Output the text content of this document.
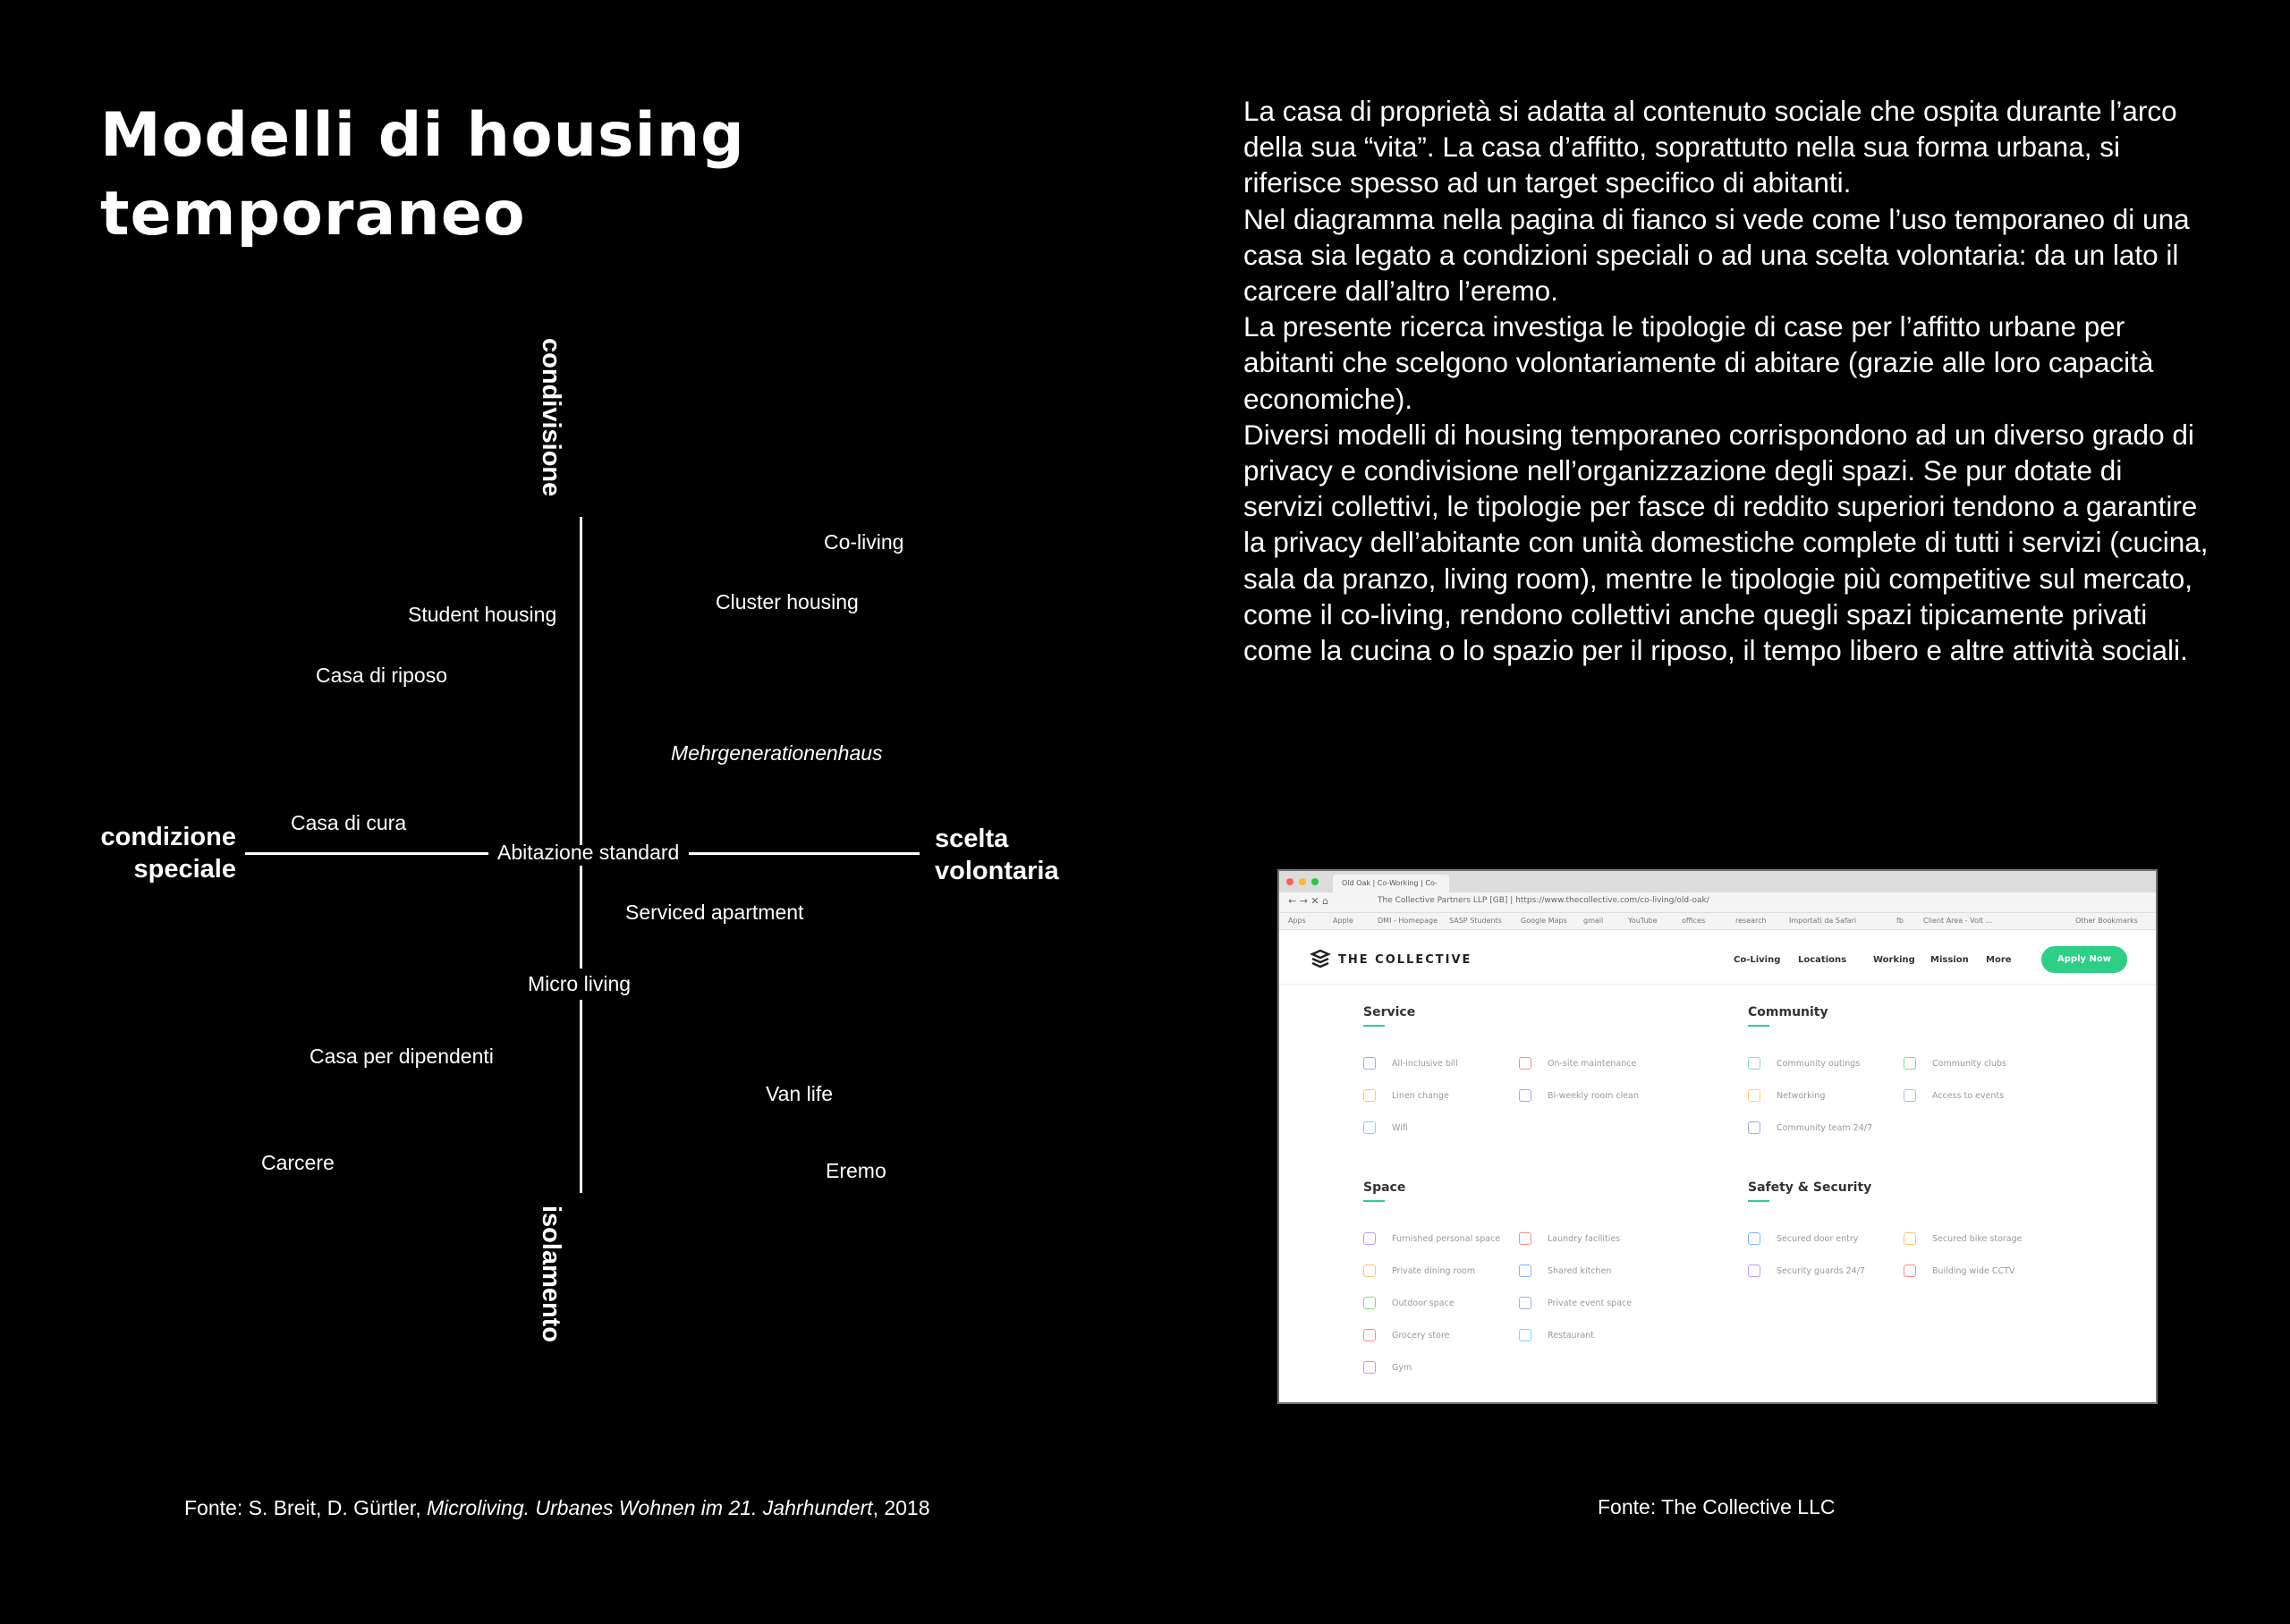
Modelli di housing temporaneo
La casa di proprietà si adatta al contenuto sociale che ospita durante l’arco della sua “vita”. La casa d’affitto, soprattutto nella sua forma urbana, si riferisce spesso ad un target specifico di abitanti.
Nel diagramma nella pagina di fianco si vede come l’uso temporaneo di una casa sia legato a condizioni speciali o ad una scelta volontaria: da un lato il carcere dall’altro l’eremo.
La presente ricerca investiga le tipologie di case per l’affitto urbane per abitanti che scelgono volontariamente di abitare (grazie alle loro capacità economiche).
Diversi modelli di housing temporaneo corrispondono ad un diverso grado di privacy e condivisione nell’organizzazione degli spazi. Se pur dotate di servizi collettivi, le tipologie per fasce di reddito superiori tendono a garantire la privacy dell’abitante con unità domestiche complete di tutti i servizi (cucina, sala da pranzo, living room), mentre le tipologie più competitive sul mercato, come il co-living, rendono collettivi anche quegli spazi tipicamente privati come la cucina o lo spazio per il riposo, il tempo libero e altre attività sociali.
condivisione
isolamento
condizione
speciale
scelta
volontaria
Abitazione standard
Co-living
Cluster housing
Student housing
Casa di riposo
Mehrgenerationenhaus
Casa di cura
Serviced apartment
Micro living
Casa per dipendenti
Van life
Carcere	Eremo
Fonte: S. Breit, D. Gürtler, Microliving. Urbanes Wohnen im 21. Jahrhundert, 2018	Fonte: The Collective LLC
Old Oak | Co-Working | Co-
← → ✕ ⌂	The Collective Partners LLP [GB] | https://www.thecollective.com/co-living/old-oak/
Apps	Apple	DMI - Homepage SASP Students	Google Maps gmail	YouTube	offices	research	Importati da Safari	fb	Client Area - Volt ...	Other Bookmarks
THE COLLECTIVE	Co-Living Locations	Working Mission More	Apply Now
Service
All-inclusive bill	On-site maintenance
Linen change	Bi-weekly room clean
Wifi
Community
Community outings	Community clubs
Networking	Access to events
Community team 24/7
Space
Furnished personal space	Laundry facilities
Private dining room	Shared kitchen
Outdoor space	Private event space
Grocery store	Restaurant
Gym
Safety & Security
Secured door entry	Secured bike storage
Security guards 24/7	Building wide CCTV
